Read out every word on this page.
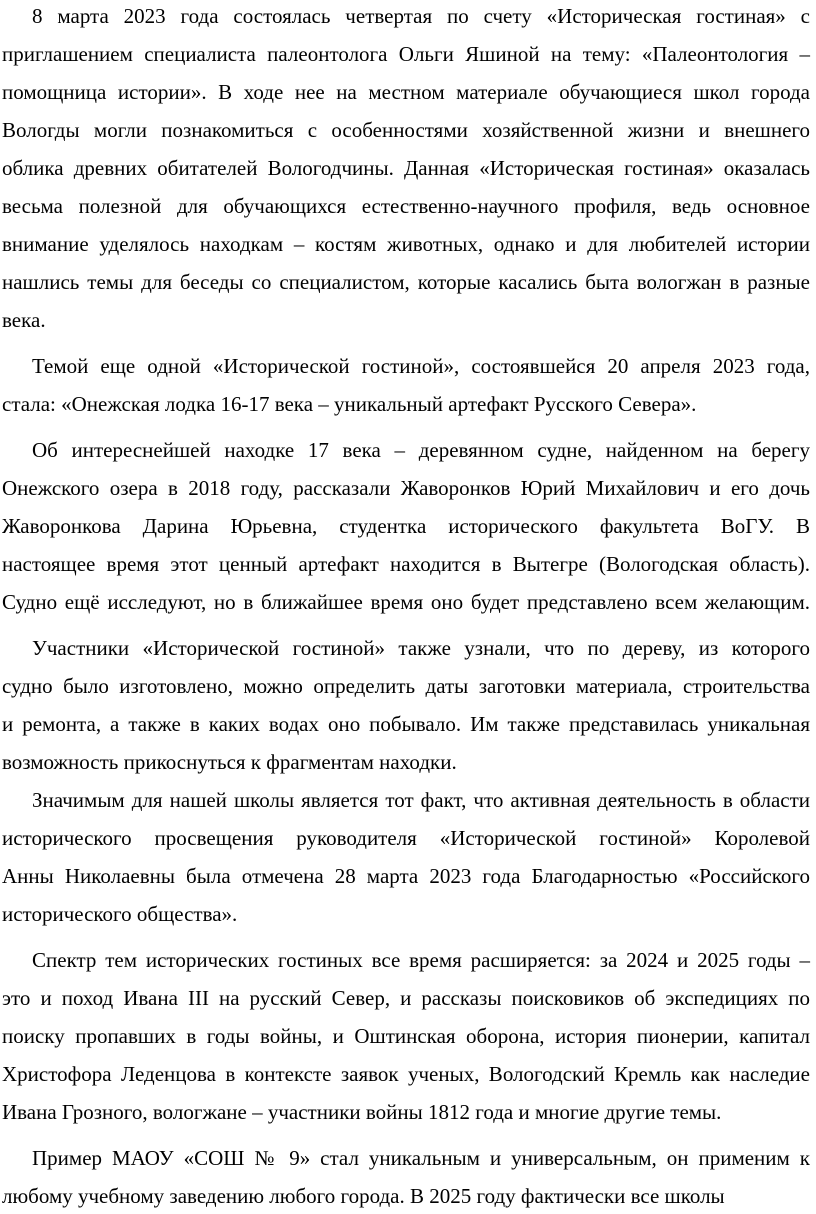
8 марта 2023 года состоялась четвертая по счету «Историческая гостиная» с
приглашением специалиста палеонтолога Ольги Яшиной на тему: «Палеонтология –
помощница истории». В ходе нее на местном материале обучающиеся школ города
Вологды могли познакомиться с особенностями хозяйственной жизни и внешнего
облика древних обитателей Вологодчины. Данная «Историческая гостиная» оказалась
весьма полезной для обучающихся естественно-научного профиля, ведь основное
внимание уделялось находкам – костям животных, однако и для любителей истории
нашлись темы для беседы со специалистом, которые касались быта вологжан в разные
века.
Темой еще одной «Исторической гостиной», состоявшейся 20 апреля 2023 года,
стала: «Онежская лодка 16-17 века – уникальный артефакт Русского Севера».
Об интереснейшей находке 17 века – деревянном судне, найденном на берегу
Онежского озера в 2018 году, рассказали Жаворонков Юрий Михайлович и его дочь
Жаворонкова Дарина Юрьевна, студентка исторического факультета ВоГУ. В
настоящее время этот ценный артефакт находится в Вытегре (Вологодская область).
Судно ещё исследуют, но в ближайшее время оно будет представлено всем желающим.
Участники «Исторической гостиной» также узнали, что по дереву, из которого
судно было изготовлено, можно определить даты заготовки материала, строительства
и ремонта, а также в каких водах оно побывало. Им также представилась уникальная
возможность прикоснуться к фрагментам находки.
Значимым для нашей школы является тот факт, что активная деятельность в области
исторического просвещения руководителя «Исторической гостиной» Королевой
Анны Николаевны была отмечена 28 марта 2023 года Благодарностью «Российского
исторического общества».
Спектр тем исторических гостиных все время расширяется: за 2024 и 2025 годы –
это и поход Ивана III на русский Север, и рассказы поисковиков об экспедициях по
поиску пропавших в годы войны, и Оштинская оборона, история пионерии, капитал
Христофора Леденцова в контексте заявок ученых, Вологодский Кремль как наследие
Ивана Грозного, вологжане – участники войны 1812 года и многие другие темы.
Пример МАОУ «СОШ № 9» стал уникальным и универсальным, он применим к
любому учебному заведению любого города. В 2025 году фактически все школы
